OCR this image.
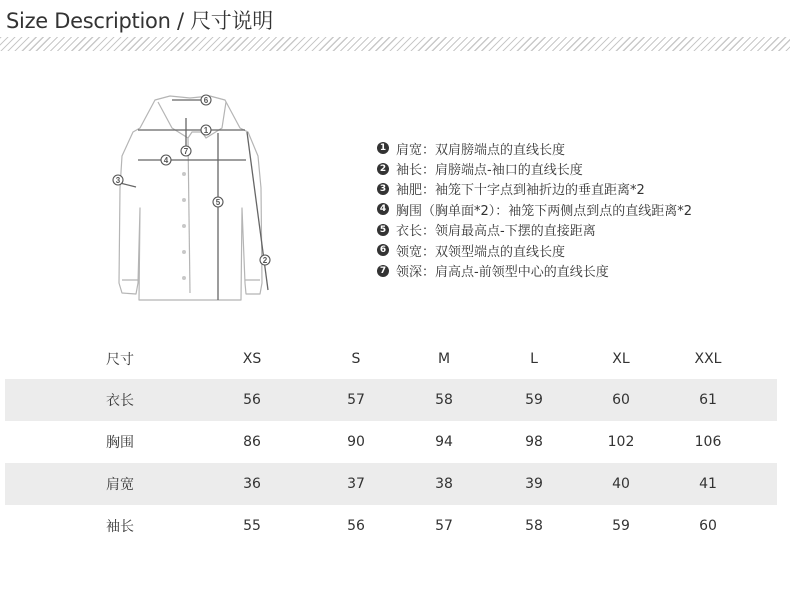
Size Description / 尺寸说明
1
2
3
4
5
6
7	1 肩宽：双肩膀端点的直线长度
2 袖长：肩膀端点-袖口的直线长度
3 袖肥：袖笼下十字点到袖折边的垂直距离*2
4 胸围（胸单面*2）：袖笼下两侧点到点的直线距离*2
5 衣长：领肩最高点-下摆的直接距离
6 领宽：双领型端点的直线长度
7 领深：肩高点-前领型中心的直线长度
尺寸	XS	S	M	L	XL	XXL
衣长	56	57	58	59	60	61
胸围	86	90	94	98	102	106
肩宽	36	37	38	39	40	41
袖长	55	56	57	58	59	60
